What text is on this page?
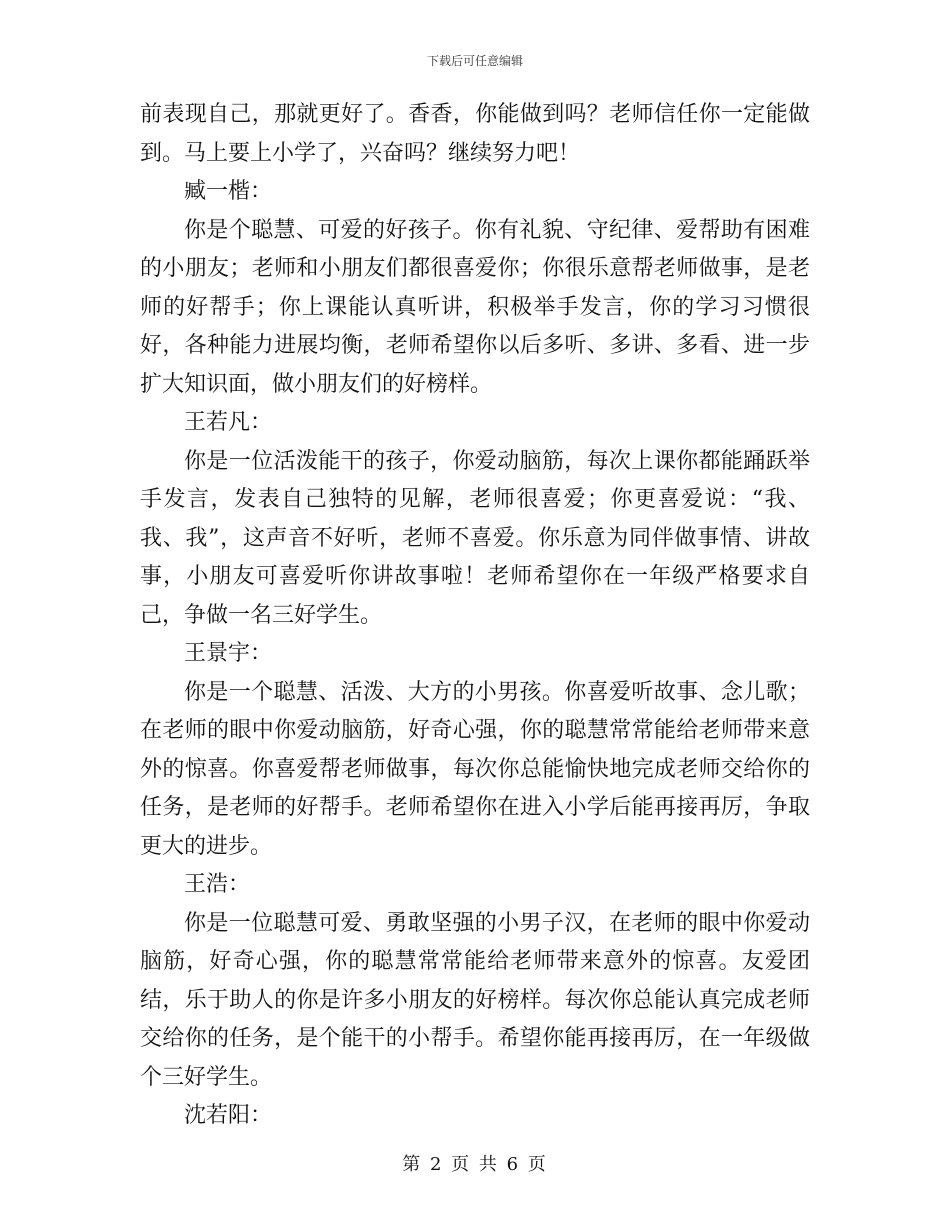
下载后可任意编辑

前表现自己，那就更好了。香香，你能做到吗？老师信任你一定能做到。马上要上小学了，兴奋吗？继续努力吧！

臧一楷：

你是个聪慧、可爱的好孩子。你有礼貌、守纪律、爱帮助有困难的小朋友；老师和小朋友们都很喜爱你；你很乐意帮老师做事，是老师的好帮手；你上课能认真听讲，积极举手发言，你的学习习惯很好，各种能力进展均衡，老师希望你以后多听、多讲、多看、进一步扩大知识面，做小朋友们的好榜样。

王若凡：

你是一位活泼能干的孩子，你爱动脑筋，每次上课你都能踊跃举手发言，发表自己独特的见解，老师很喜爱；你更喜爱说：“我、我、我”，这声音不好听，老师不喜爱。你乐意为同伴做事情、讲故事，小朋友可喜爱听你讲故事啦！老师希望你在一年级严格要求自己，争做一名三好学生。

王景宇：

你是一个聪慧、活泼、大方的小男孩。你喜爱听故事、念儿歌；在老师的眼中你爱动脑筋，好奇心强，你的聪慧常常能给老师带来意外的惊喜。你喜爱帮老师做事，每次你总能愉快地完成老师交给你的任务，是老师的好帮手。老师希望你在进入小学后能再接再厉，争取更大的进步。

王浩：

你是一位聪慧可爱、勇敢坚强的小男子汉，在老师的眼中你爱动脑筋，好奇心强，你的聪慧常常能给老师带来意外的惊喜。友爱团结，乐于助人的你是许多小朋友的好榜样。每次你总能认真完成老师交给你的任务，是个能干的小帮手。希望你能再接再厉，在一年级做个三好学生。

沈若阳：

第 2 页 共 6 页
